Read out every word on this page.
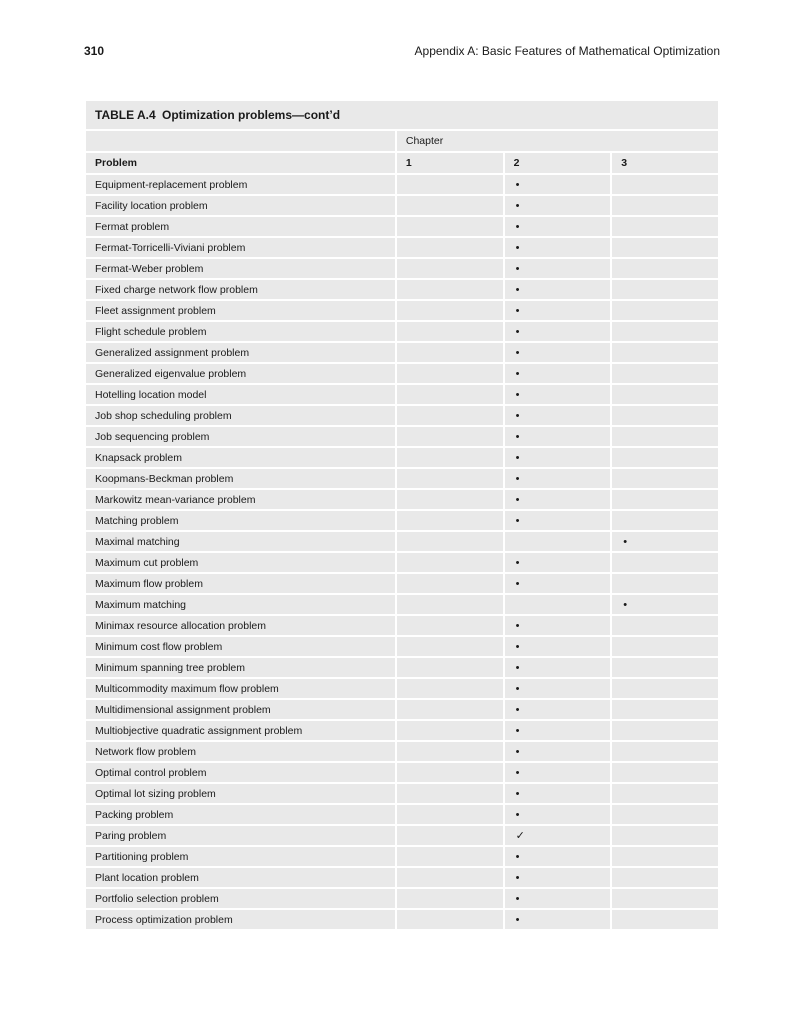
310	Appendix A: Basic Features of Mathematical Optimization
TABLE A.4 Optimization problems—cont’d			
	Chapter		
Problem	1	2	3
Equipment-replacement problem		•	
Facility location problem		•	
Fermat problem		•	
Fermat-Torricelli-Viviani problem		•	
Fermat-Weber problem		•	
Fixed charge network flow problem		•	
Fleet assignment problem		•	
Flight schedule problem		•	
Generalized assignment problem		•	
Generalized eigenvalue problem		•	
Hotelling location model		•	
Job shop scheduling problem		•	
Job sequencing problem		•	
Knapsack problem		•	
Koopmans-Beckman problem		•	
Markowitz mean-variance problem		•	
Matching problem		•	
Maximal matching			•
Maximum cut problem		•	
Maximum flow problem		•	
Maximum matching			•
Minimax resource allocation problem		•	
Minimum cost flow problem		•	
Minimum spanning tree problem		•	
Multicommodity maximum flow problem		•	
Multidimensional assignment problem		•	
Multiobjective quadratic assignment problem		•	
Network flow problem		•	
Optimal control problem		•	
Optimal lot sizing problem		•	
Packing problem		•	
Paring problem		✓	
Partitioning problem		•	
Plant location problem		•	
Portfolio selection problem		•	
Process optimization problem		•	
